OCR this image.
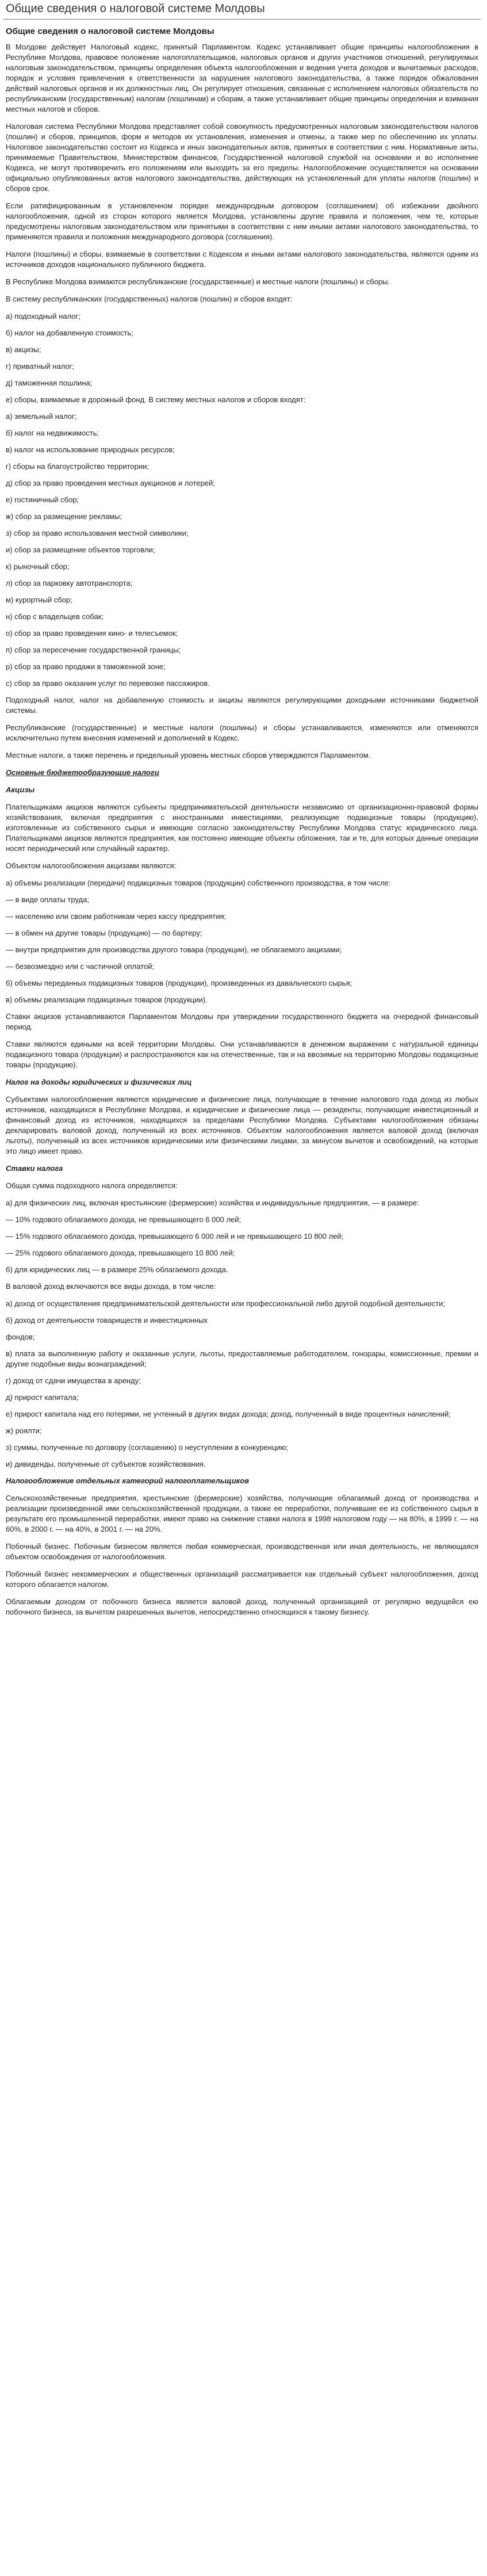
Общие сведения о налоговой системе Молдовы
Общие сведения о налоговой системе Молдовы

В Молдове действует Налоговый кодекс, принятый Парламентом. Кодекс устанавливает общие принципы налогообложения в Республике Молдова, правовое положение налогоплательщиков, налоговых органов и других участников отношений, регулируемых налоговым законодательством, принципы определения объекта налогообложения и ведения учета доходов и вычитаемых расходов, порядок и условия привлечения к ответственности за нарушения налогового законодательства, а также порядок обжалования действий налоговых органов и их должностных лиц. Он регулирует отношения, связанные с исполнением налоговых обязательств по республиканским (государственным) налогам (пошлинам) и сборам, а также устанавливает общие принципы определения и взимания местных налогов и сборов.

Налоговая система Республики Молдова представляет собой совокупность предусмотренных налоговым законодательством налогов (пошлин) и сборов, принципов, форм и методов их установления, изменения и отмены, а также мер по обеспечению их уплаты. Налоговое законодательство состоит из Кодекса и иных законодательных актов, принятых в соответствии с ним. Нормативные акты, принимаемые Правительством, Министерством финансов, Государственной налоговой службой на основании и во исполнение Кодекса, не могут противоречить его положениям или выходить за его пределы. Налогообложение осуществляется на основании официально опубликованных актов налогового законодательства, действующих на установленный для уплаты налогов (пошлин) и сборов срок.

Если ратифицированным в установленном порядке международным договором (соглашением) об избежании двойного налогообложения, одной из сторон которого является Молдова, установлены другие правила и положения, чем те, которые предусмотрены налоговым законодательством или принятыми в соответствии с ним иными актами налогового законодательства, то применяются правила и положения международного договора (соглашения).

Налоги (пошлины) и сборы, взимаемые в соответствии с Кодексом и иными актами налогового законодательства, являются одним из источников доходов национального публичного бюджета.

В Республике Молдова взимаются республиканские (государственные) и местные налоги (пошлины) и сборы.

В систему республиканских (государственных) налогов (пошлин) и сборов входят:

а) подоходный налог;

б) налог на добавленную стоимость;

в) акцизы;

г) приватный налог;

д) таможенная пошлина;

е) сборы, взимаемые в дорожный фонд. В систему местных налогов и сборов входят:

а) земельный налог;

б) налог на недвижимость;

в) налог на использование природных ресурсов;

г) сборы на благоустройство территории;

д) сбор за право проведения местных аукционов и лотерей;

е) гостиничный сбор;

ж) сбор за размещение рекламы;

з) сбор за право использования местной символики;

и) сбор за размещение объектов торговли;

к) рыночный сбор;

л) сбор за парковку автотранспорта;

м) курортный сбор;

н) сбор с владельцев собак;

о) сбор за право проведения кино- и телесъемок;

п) сбор за пересечение государственной границы;

р) сбор за право продажи в таможенной зоне;

с) сбор за право оказания услуг по перевозке пассажиров.

Подоходный налог, налог на добавленную стоимость и акцизы являются регулирующими доходными источниками бюджетной системы.

Республиканские (государственные) и местные налоги (пошлины) и сборы устанавливаются, изменяются или отменяются исключительно путем внесения изменений и дополнений в Кодекс.

Местные налоги, а также перечень и предельный уровень местных сборов утверждаются Парламентом.

Основные бюджетообразующие налоги

Акцизы

Плательщиками акцизов являются субъекты предпринимательской деятельности независимо от организационно-правовой формы хозяйствования, включая предприятия с иностранными инвестициями, реализующие подакцизные товары (продукцию), изготовленные из собственного сырья и имеющие согласно законодательству Республики Молдова статус юридического лица. Плательщиками акцизов являются предприятия, как постоянно имеющие объекты обложения, так и те, для которых данные операции носят периодический или случайный характер.

Объектом налогообложения акцизами являются:

а) объемы реализации (передачи) подакцизных товаров (продукции) собственного производства, в том числе:

— в виде оплаты труда;

— населению или своим работникам через кассу предприятия;

— в обмен на другие товары (продукцию) — по бартеру;

— внутри предприятия для производства другого товара (продукции), не облагаемого акцизами;

— безвозмездно или с частичной оплатой;

б) объемы переданных подакцизных товаров (продукции), произведенных из давальческого сырья;

в) объемы реализации подакцизных товаров (продукции).

Ставки акцизов устанавливаются Парламентом Молдовы при утверждении государственного бюджета на очередной финансовый период.

Ставки являются едиными на всей территории Молдовы. Они устанавливаются в денежном выражении с натуральной единицы подакцизного товара (продукции) и распространяются как на отечественные, так и на ввозимые на территорию Молдовы подакцизные товары (продукцию).

Налог на доходы юридических и физических лиц

Субъектами налогообложения являются юридические и физические лица, получающие в течение налогового года доход из любых источников, находящихся в Республике Молдова, и юридические и физические лица — резиденты, получающие инвестиционный и финансовый доход из источников, находящихся за пределами Республики Молдова. Субъектами налогообложения обязаны декларировать валовой доход, полученный из всех источников. Объектом налогообложения является валовой доход (включая льготы), полученный из всех источников юридическими или физическими лицами, за минусом вычетов и освобождений, на которые это лицо имеет право.

Ставки налога

Общая сумма подоходного налога определяется:

а) для физических лиц, включая крестьянские (фермерские) хозяйства и индивидуальные предприятия, — в размере:

— 10% годового облагаемого дохода, не превышающего 6 000 лей;

— 15% годового облагаемого дохода, превышающего 6 000 лей и не превышающего 10 800 лей;

— 25% годового облагаемого дохода, превышающего 10 800 лей;

б) для юридических лиц — в размере 25% облагаемого дохода.

В валовой доход включаются все виды дохода, в том числе:

а) доход от осуществления предпринимательской деятельности или профессиональной либо другой подобной деятельности;

б) доход от деятельности товариществ и инвестиционных

фондов;

в) плата за выполненную работу и оказанные услуги, льготы, предоставляемые работодателем, гонорары, комиссионные, премии и другие подобные виды вознаграждений;

г) доход от сдачи имущества в аренду;

д) прирост капитала;

е) прирост капитала над его потерями, не учтенный в других видах дохода; доход, полученный в виде процентных начислений;

ж) роялти;

з) суммы, полученные по договору (соглашению) о неуступлении в конкуренцию;

и) дивиденды, полученные от субъектов хозяйствования.

Налогообложение отдельных категорий налогоплательщиков

Сельскохозяйственные предприятия, крестьянские (фермерские) хозяйства, получающие облагаемый доход от производства и реализации произведенной ими сельскохозяйственной продукции, а также ее переработки, получившие ее из собственного сырья в результате его промышленной переработки, имеют право на снижение ставки налога в 1998 налоговом году — на 80%, в 1999 г. — на 60%, в 2000 г. — на 40%, в 2001 г. — на 20%.

Побочный бизнес. Побочным бизнесом является любая коммерческая, производственная или иная деятельность, не являющаяся объектом освобождения от налогообложения.

Побочный бизнес некоммерческих и общественных организаций рассматривается как отдельный субъект налогообложения, доход которого облагается налогом.

Облагаемым доходом от побочного бизнеса является валовой доход, полученный организацией от регулярно ведущейся ею побочного бизнеса, за вычетом разрешенных вычетов, непосредственно относящихся к такому бизнесу.
